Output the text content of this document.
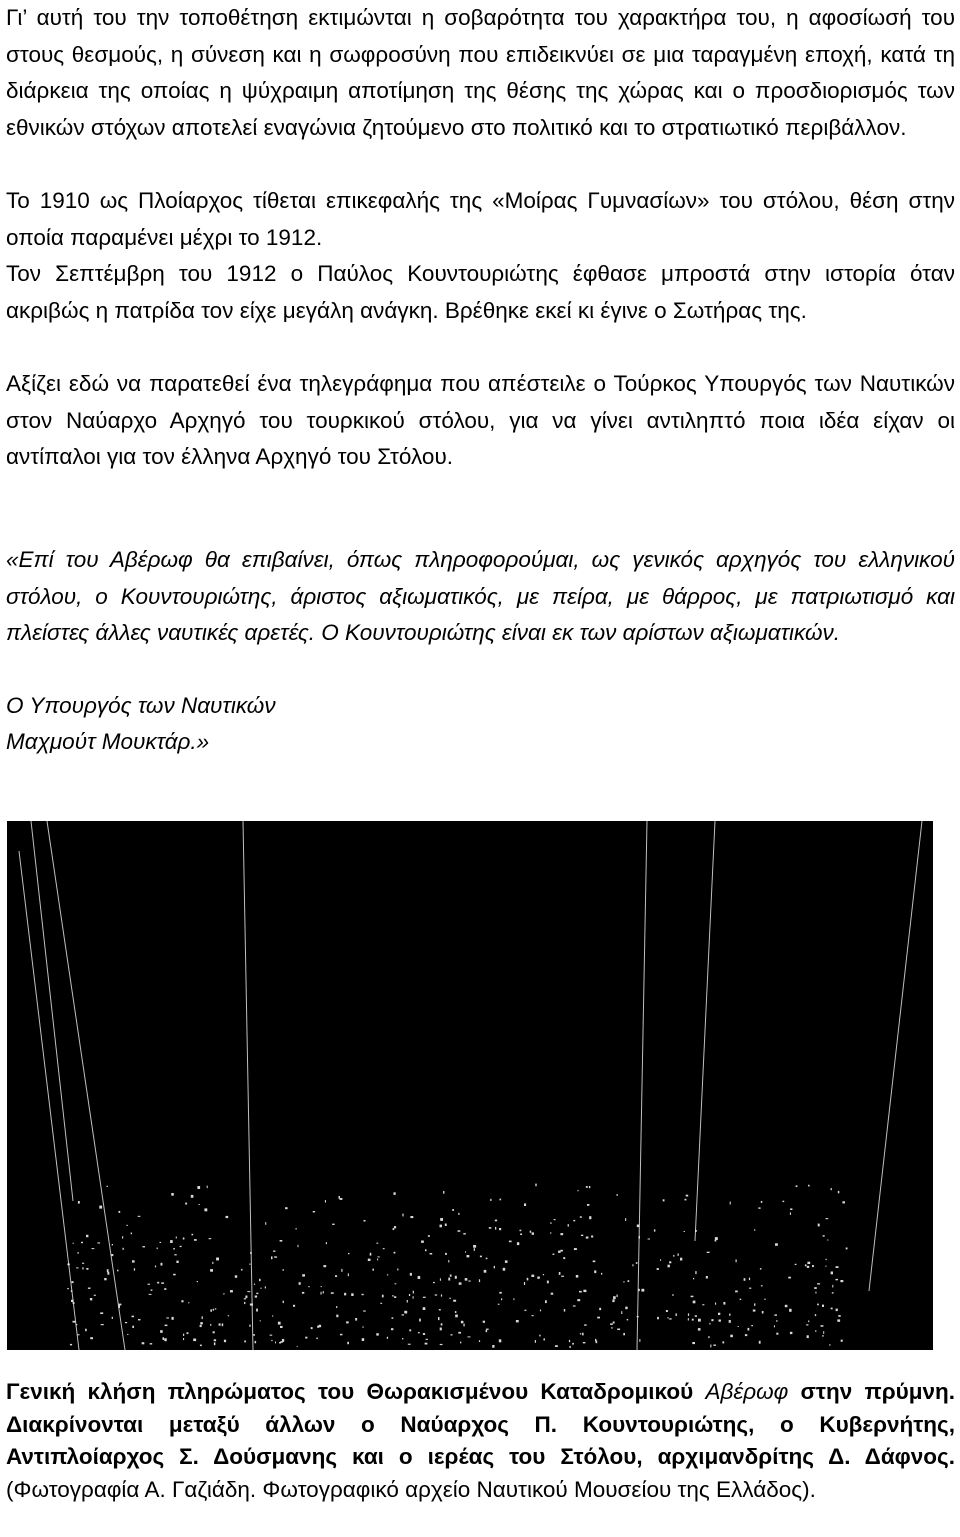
Γι’ αυτή του την τοποθέτηση εκτιμώνται η σοβαρότητα του χαρακτήρα του, η αφοσίωσή του στους θεσμούς, η σύνεση και η σωφροσύνη που επιδεικνύει σε μια ταραγμένη εποχή, κατά τη διάρκεια της οποίας η ψύχραιμη αποτίμηση της θέσης της χώρας και ο προσδιορισμός των εθνικών στόχων αποτελεί εναγώνια ζητούμενο στο πολιτικό και το στρατιωτικό περιβάλλον.

Το 1910 ως Πλοίαρχος τίθεται επικεφαλής της «Μοίρας Γυμνασίων» του στόλου, θέση στην οποία παραμένει μέχρι το 1912.

Τον Σεπτέμβρη του 1912 ο Παύλος Κουντουριώτης έφθασε μπροστά στην ιστορία όταν ακριβώς η πατρίδα τον είχε μεγάλη ανάγκη. Βρέθηκε εκεί κι έγινε ο Σωτήρας της.

Αξίζει εδώ να παρατεθεί ένα τηλεγράφημα που απέστειλε ο Τούρκος Υπουργός των Ναυτικών στον Ναύαρχο Αρχηγό του τουρκικού στόλου, για να γίνει αντιληπτό ποια ιδέα είχαν οι αντίπαλοι για τον έλληνα Αρχηγό του Στόλου.

«Επί του Αβέρωφ θα επιβαίνει, όπως πληροφορούμαι, ως γενικός αρχηγός του ελληνικού στόλου, ο Κουντουριώτης, άριστος αξιωματικός, με πείρα, με θάρρος, με πατριωτισμό και πλείστες άλλες ναυτικές αρετές. Ο Κουντουριώτης είναι εκ των αρίστων αξιωματικών.

Ο Υπουργός των Ναυτικών

Μαχμούτ Μουκτάρ.»

Γενική κλήση πληρώματος του Θωρακισμένου Καταδρομικού Αβέρωφ στην πρύμνη. Διακρίνονται μεταξύ άλλων ο Ναύαρχος Π. Κουντουριώτης, ο Κυβερνήτης, Αντιπλοίαρχος Σ. Δούσμανης και ο ιερέας του Στόλου, αρχιμανδρίτης Δ. Δάφνος. (Φωτογραφία Α. Γαζιάδη. Φωτογραφικό αρχείο Ναυτικού Μουσείου της Ελλάδος).
